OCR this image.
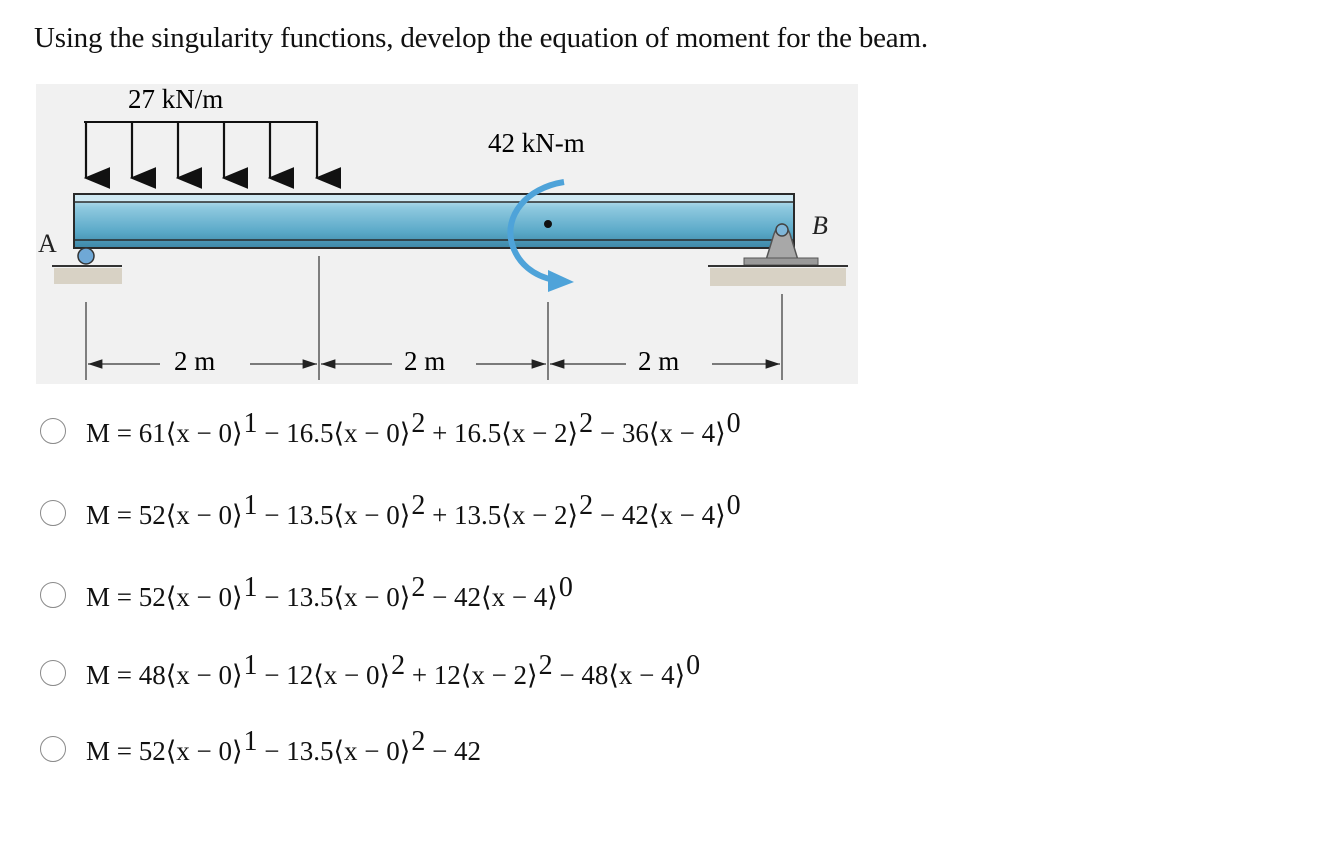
Using the singularity functions, develop the equation of moment for the beam.
27 kN/m
42 kN-m
A
B
2 m	2 m	2 m
M = 61⟨x − 0⟩$^1$ − 16.5⟨x − 0⟩$^2$ + 16.5⟨x − 2⟩$^2$ − 36⟨x − 4⟩$^0$
M = 52⟨x − 0⟩$^1$ − 13.5⟨x − 0⟩$^2$ + 13.5⟨x − 2⟩$^2$ − 42⟨x − 4⟩$^0$
M = 52⟨x − 0⟩$^1$ − 13.5⟨x − 0⟩$^2$ − 42⟨x − 4⟩$^0$
M = 48⟨x − 0⟩$^1$ − 12⟨x − 0⟩$^2$ + 12⟨x − 2⟩$^2$ − 48⟨x − 4⟩$^0$
M = 52⟨x − 0⟩$^1$ − 13.5⟨x − 0⟩$^2$ − 42
